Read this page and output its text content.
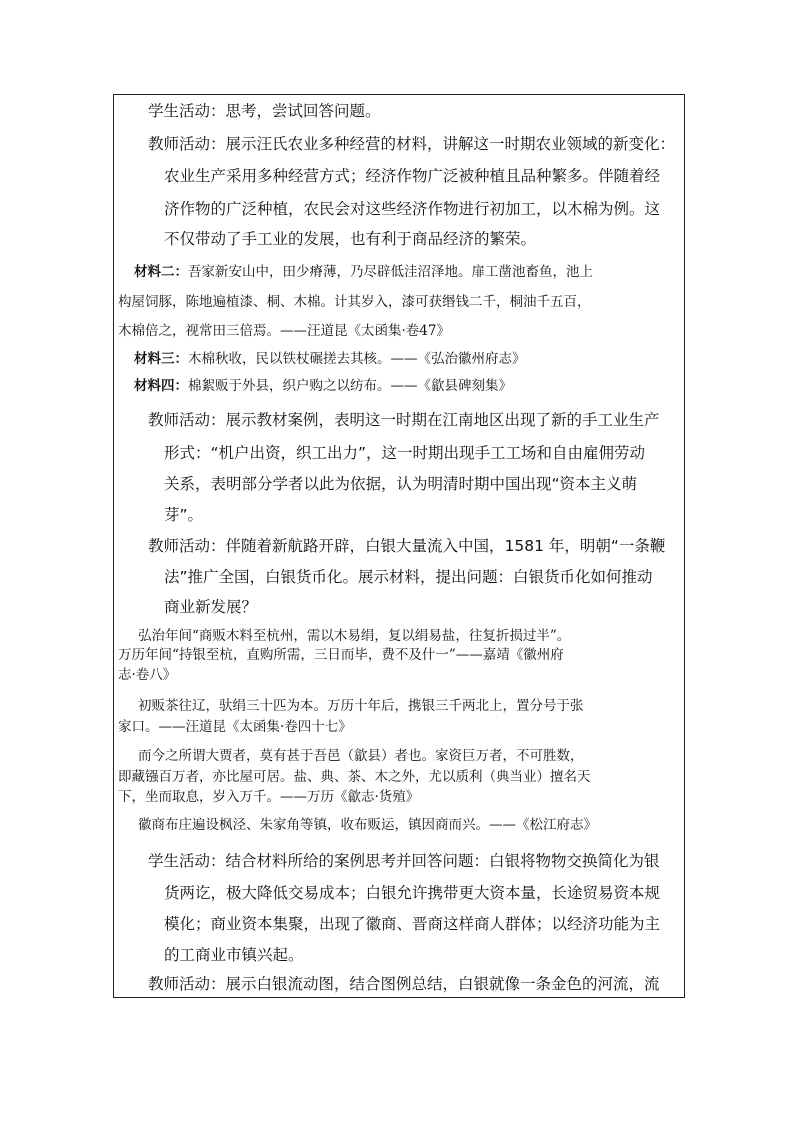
学生活动：思考，尝试回答问题。
教师活动：展示汪氏农业多种经营的材料，讲解这一时期农业领域的新变化：
农业生产采用多种经营方式；经济作物广泛被种植且品种繁多。伴随着经
济作物的广泛种植，农民会对这些经济作物进行初加工，以木棉为例。这
不仅带动了手工业的发展，也有利于商品经济的繁荣。
材料二：吾家新安山中，田少瘠薄，乃尽辟低洼沼泽地。扉工凿池畜鱼，池上
构屋饲豚，陈地遍植漆、桐、木棉。计其岁入，漆可获缗钱二千，桐油千五百，
木棉倍之，视常田三倍焉。——汪道昆《太函集·卷47》
材料三：木棉秋收，民以铁杖碾搓去其核。——《弘治徽州府志》
材料四：棉絮贩于外县，织户购之以纺布。——《歙县碑刻集》
教师活动：展示教材案例，表明这一时期在江南地区出现了新的手工业生产
形式：“机户出资，织工出力”，这一时期出现手工工场和自由雇佣劳动
关系，表明部分学者以此为依据，认为明清时期中国出现“资本主义萌
芽”。
教师活动：伴随着新航路开辟，白银大量流入中国，1581 年，明朝“一条鞭
法”推广全国，白银货币化。展示材料，提出问题：白银货币化如何推动
商业新发展？
弘治年间“商贩木料至杭州，需以木易绢，复以绢易盐，往复折损过半”。
万历年间“持银至杭，直购所需，三日而毕，费不及什一”——嘉靖《徽州府
志·卷八》
初贩茶往辽，驮绢三十匹为本。万历十年后，携银三千两北上，置分号于张
家口。——汪道昆《太函集·卷四十七》
而今之所谓大贾者，莫有甚于吾邑（歙县）者也。家资巨万者，不可胜数，
即藏镪百万者，亦比屋可居。盐、典、茶、木之外，尤以质利（典当业）擅名天
下，坐而取息，岁入万千。——万历《歙志·货殖》
徽商布庄遍设枫泾、朱家角等镇，收布贩运，镇因商而兴。——《松江府志》
学生活动：结合材料所给的案例思考并回答问题：白银将物物交换简化为银
货两讫，极大降低交易成本；白银允许携带更大资本量，长途贸易资本规
模化；商业资本集聚，出现了徽商、晋商这样商人群体；以经济功能为主
的工商业市镇兴起。
教师活动：展示白银流动图，结合图例总结，白银就像一条金色的河流，流
